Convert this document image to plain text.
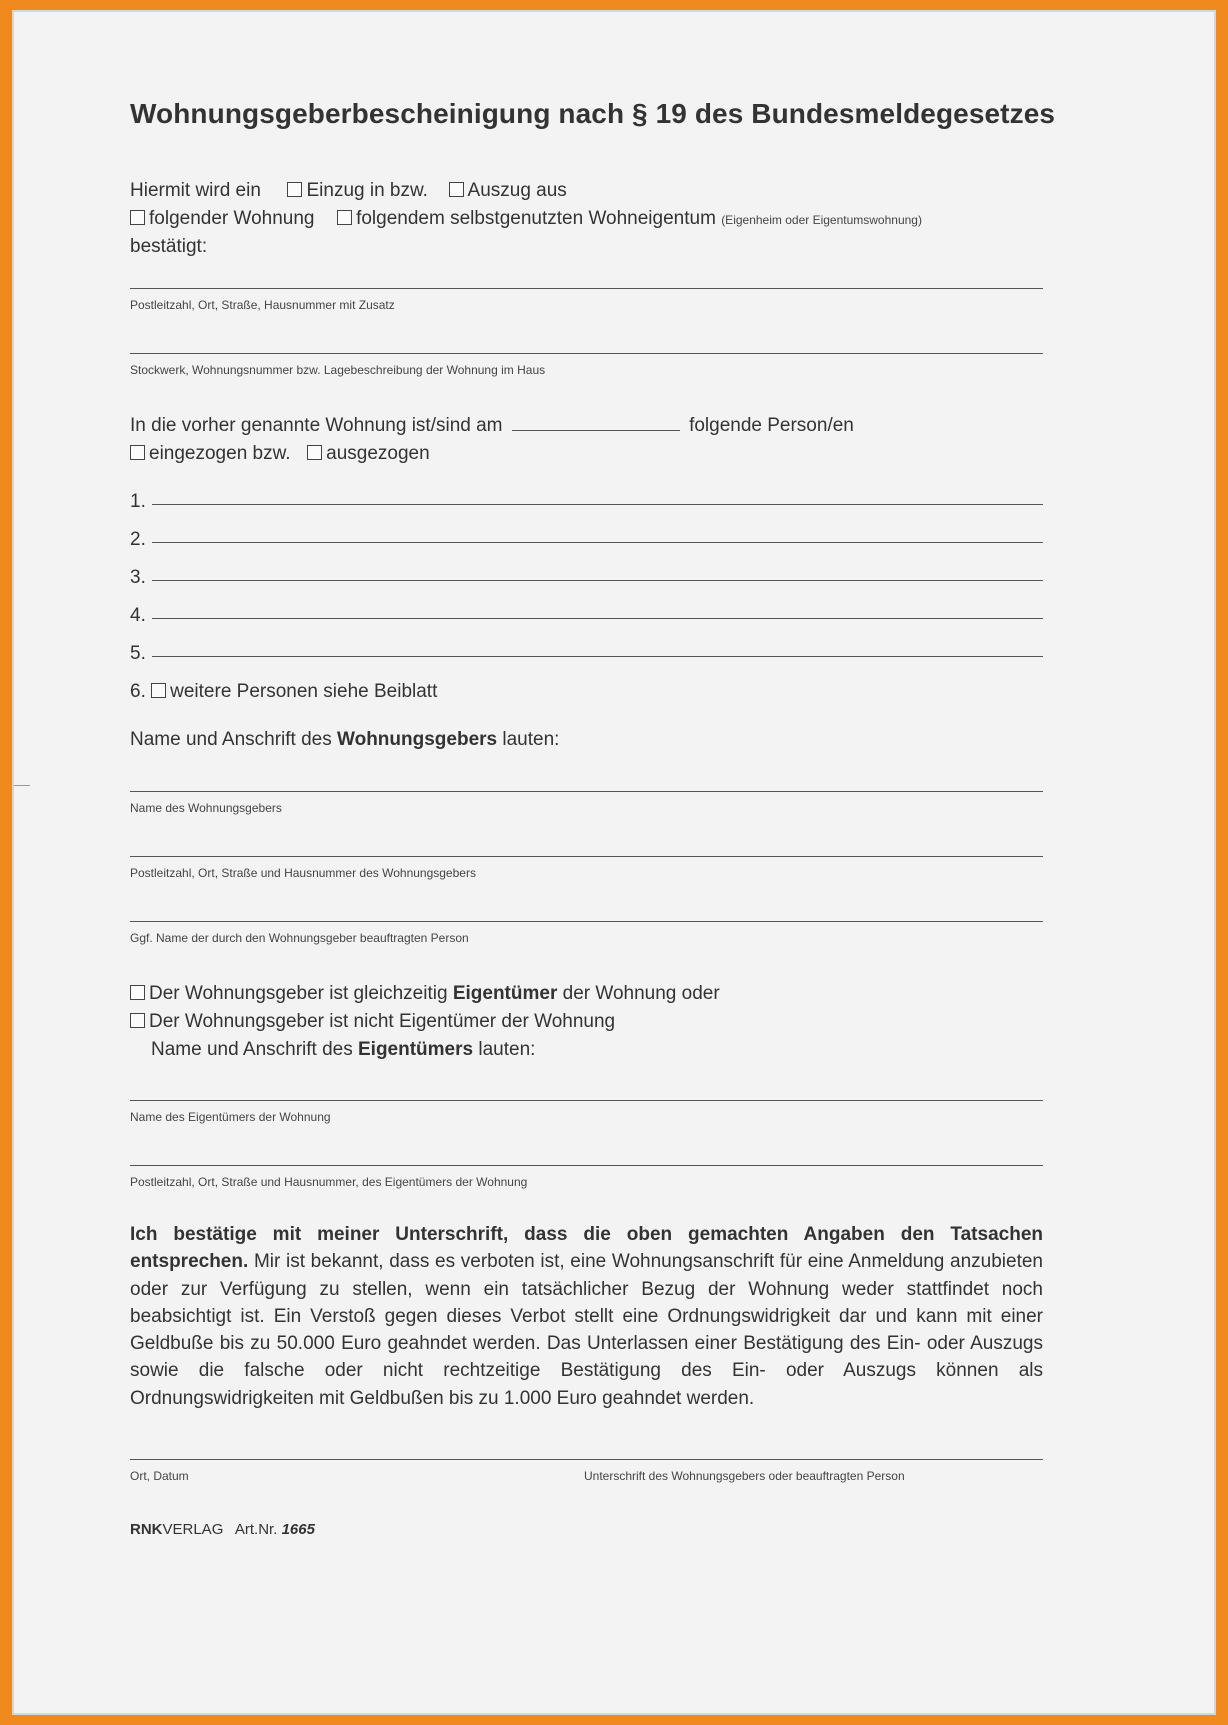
Wohnungsgeberbescheinigung nach § 19 des Bundesmeldegesetzes
Hiermit wird ein Einzug in bzw. Auszug aus
folgender Wohnung folgendem selbstgenutzten Wohneigentum (Eigenheim oder Eigentumswohnung)
bestätigt:
Postleitzahl, Ort, Straße, Hausnummer mit Zusatz
Stockwerk, Wohnungsnummer bzw. Lagebeschreibung der Wohnung im Haus
In die vorher genannte Wohnung ist/sind am	folgende Person/en
eingezogen bzw. ausgezogen
1.
2.
3.
4.
5.
6. weitere Personen siehe Beiblatt
Name und Anschrift des Wohnungsgebers lauten:
Name des Wohnungsgebers
Postleitzahl, Ort, Straße und Hausnummer des Wohnungsgebers
Ggf. Name der durch den Wohnungsgeber beauftragten Person
Der Wohnungsgeber ist gleichzeitig Eigentümer der Wohnung oder
Der Wohnungsgeber ist nicht Eigentümer der Wohnung
Name und Anschrift des Eigentümers lauten:
Name des Eigentümers der Wohnung
Postleitzahl, Ort, Straße und Hausnummer, des Eigentümers der Wohnung
Ich bestätige mit meiner Unterschrift, dass die oben gemachten Angaben den Tatsachen entsprechen. Mir ist bekannt, dass es verboten ist, eine Wohnungsanschrift für eine Anmeldung anzubieten oder zur Verfügung zu stellen, wenn ein tatsächlicher Bezug der Wohnung weder stattfindet noch beabsichtigt ist. Ein Verstoß gegen dieses Verbot stellt eine Ordnungswidrigkeit dar und kann mit einer Geldbuße bis zu 50.000 Euro geahndet werden. Das Unterlassen einer Bestätigung des Ein- oder Auszugs sowie die falsche oder nicht rechtzeitige Bestätigung des Ein- oder Auszugs können als Ordnungswidrigkeiten mit Geldbußen bis zu 1.000 Euro geahndet werden.
Ort, Datum	Unterschrift des Wohnungsgebers oder beauftragten Person
RNKVERLAG Art.Nr. 1665
